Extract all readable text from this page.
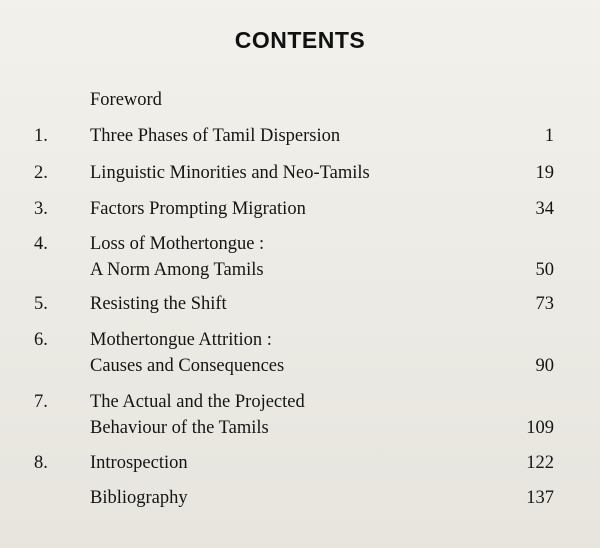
CONTENTS
Foreword
1. Three Phases of Tamil Dispersion	1
2. Linguistic Minorities and Neo-Tamils	19
3. Factors Prompting Migration	34
4. Loss of Mothertongue :
A Norm Among Tamils	50
5. Resisting the Shift	73
6. Mothertongue Attrition :
Causes and Consequences	90
7. The Actual and the Projected
Behaviour of the Tamils	109
8. Introspection	122
Bibliography	137
